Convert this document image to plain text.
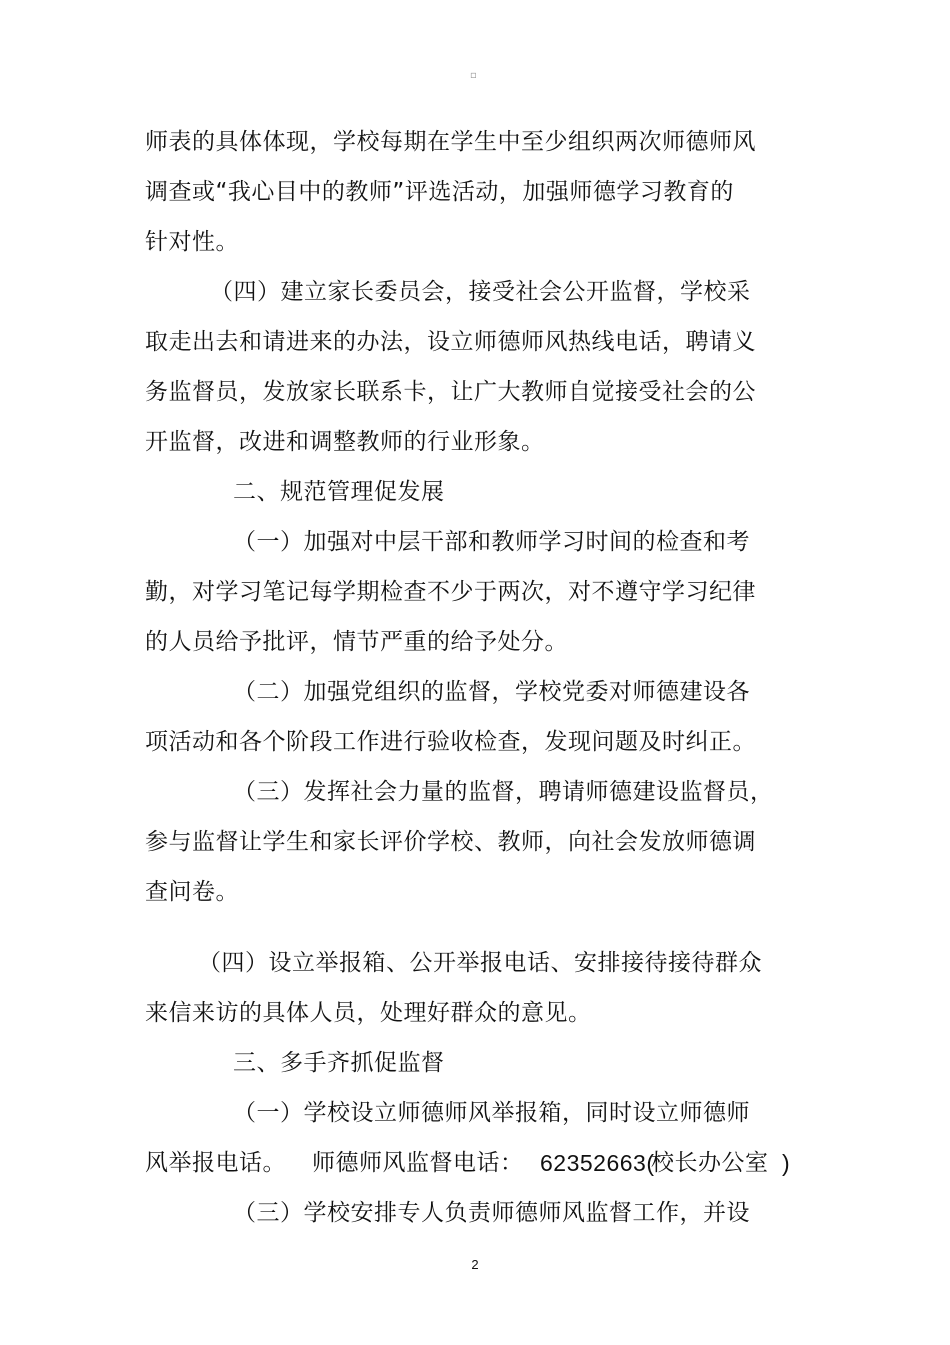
▫
师表的具体体现，学校每期在学生中至少组织两次师德师风
调查或“我心目中的教师”评选活动，加强师德学习教育的
针对性。
（四）建立家长委员会，接受社会公开监督，学校采
取走出去和请进来的办法，设立师德师风热线电话，聘请义
务监督员，发放家长联系卡，让广大教师自觉接受社会的公
开监督，改进和调整教师的行业形象。
二、规范管理促发展
（一）加强对中层干部和教师学习时间的检查和考
勤，对学习笔记每学期检查不少于两次，对不遵守学习纪律
的人员给予批评，情节严重的给予处分。
（二）加强党组织的监督，学校党委对师德建设各
项活动和各个阶段工作进行验收检查，发现问题及时纠正。
（三）发挥社会力量的监督，聘请师德建设监督员，
参与监督让学生和家长评价学校、教师，向社会发放师德调
查问卷。
（四）设立举报箱、公开举报电话、安排接待接待群众
来信来访的具体人员，处理好群众的意见。
三、多手齐抓促监督
（一）学校设立师德师风举报箱，同时设立师德师
风举报电话。 师德师风监督电话： 62352663(
校长办公室 )
（三）学校安排专人负责师德师风监督工作，并设
2
